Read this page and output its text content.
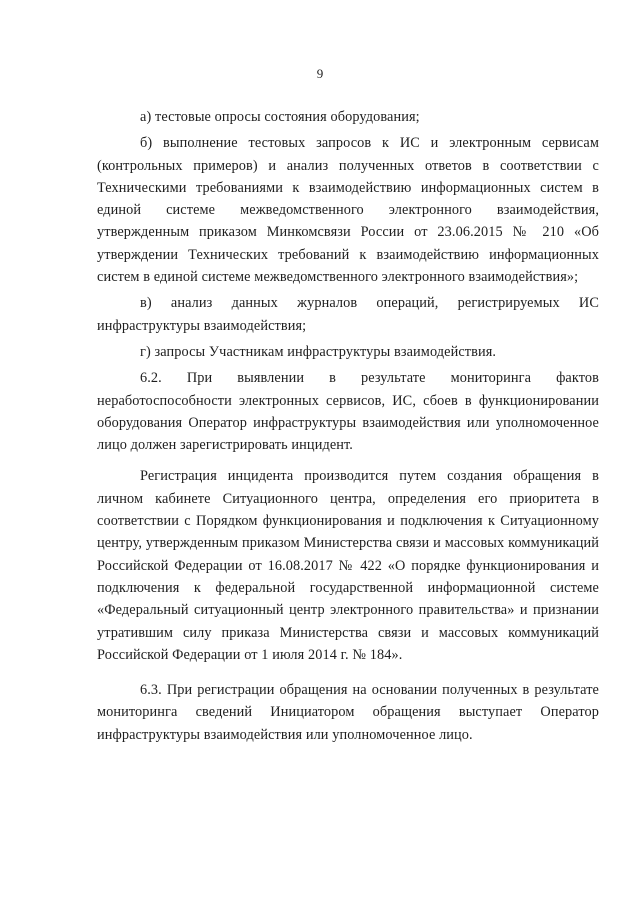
9

а) тестовые опросы состояния оборудования;

б) выполнение тестовых запросов к ИС и электронным сервисам (контрольных примеров) и анализ полученных ответов в соответствии с Техническими требованиями к взаимодействию информационных систем в единой системе межведомственного электронного взаимодействия, утвержденным приказом Минкомсвязи России от 23.06.2015 № 210 «Об утверждении Технических требований к взаимодействию информационных систем в единой системе межведомственного электронного взаимодействия»;

в) анализ данных журналов операций, регистрируемых ИС инфраструктуры взаимодействия;

г) запросы Участникам инфраструктуры взаимодействия.

6.2. При выявлении в результате мониторинга фактов неработоспособности электронных сервисов, ИС, сбоев в функционировании оборудования Оператор инфраструктуры взаимодействия или уполномоченное лицо должен зарегистрировать инцидент.

Регистрация инцидента производится путем создания обращения в личном кабинете Ситуационного центра, определения его приоритета в соответствии с Порядком функционирования и подключения к Ситуационному центру, утвержденным приказом Министерства связи и массовых коммуникаций Российской Федерации от 16.08.2017 № 422 «О порядке функционирования и подключения к федеральной государственной информационной системе «Федеральный ситуационный центр электронного правительства» и признании утратившим силу приказа Министерства связи и массовых коммуникаций Российской Федерации от 1 июля 2014 г. № 184».

6.3. При регистрации обращения на основании полученных в результате мониторинга сведений Инициатором обращения выступает Оператор инфраструктуры взаимодействия или уполномоченное лицо.
